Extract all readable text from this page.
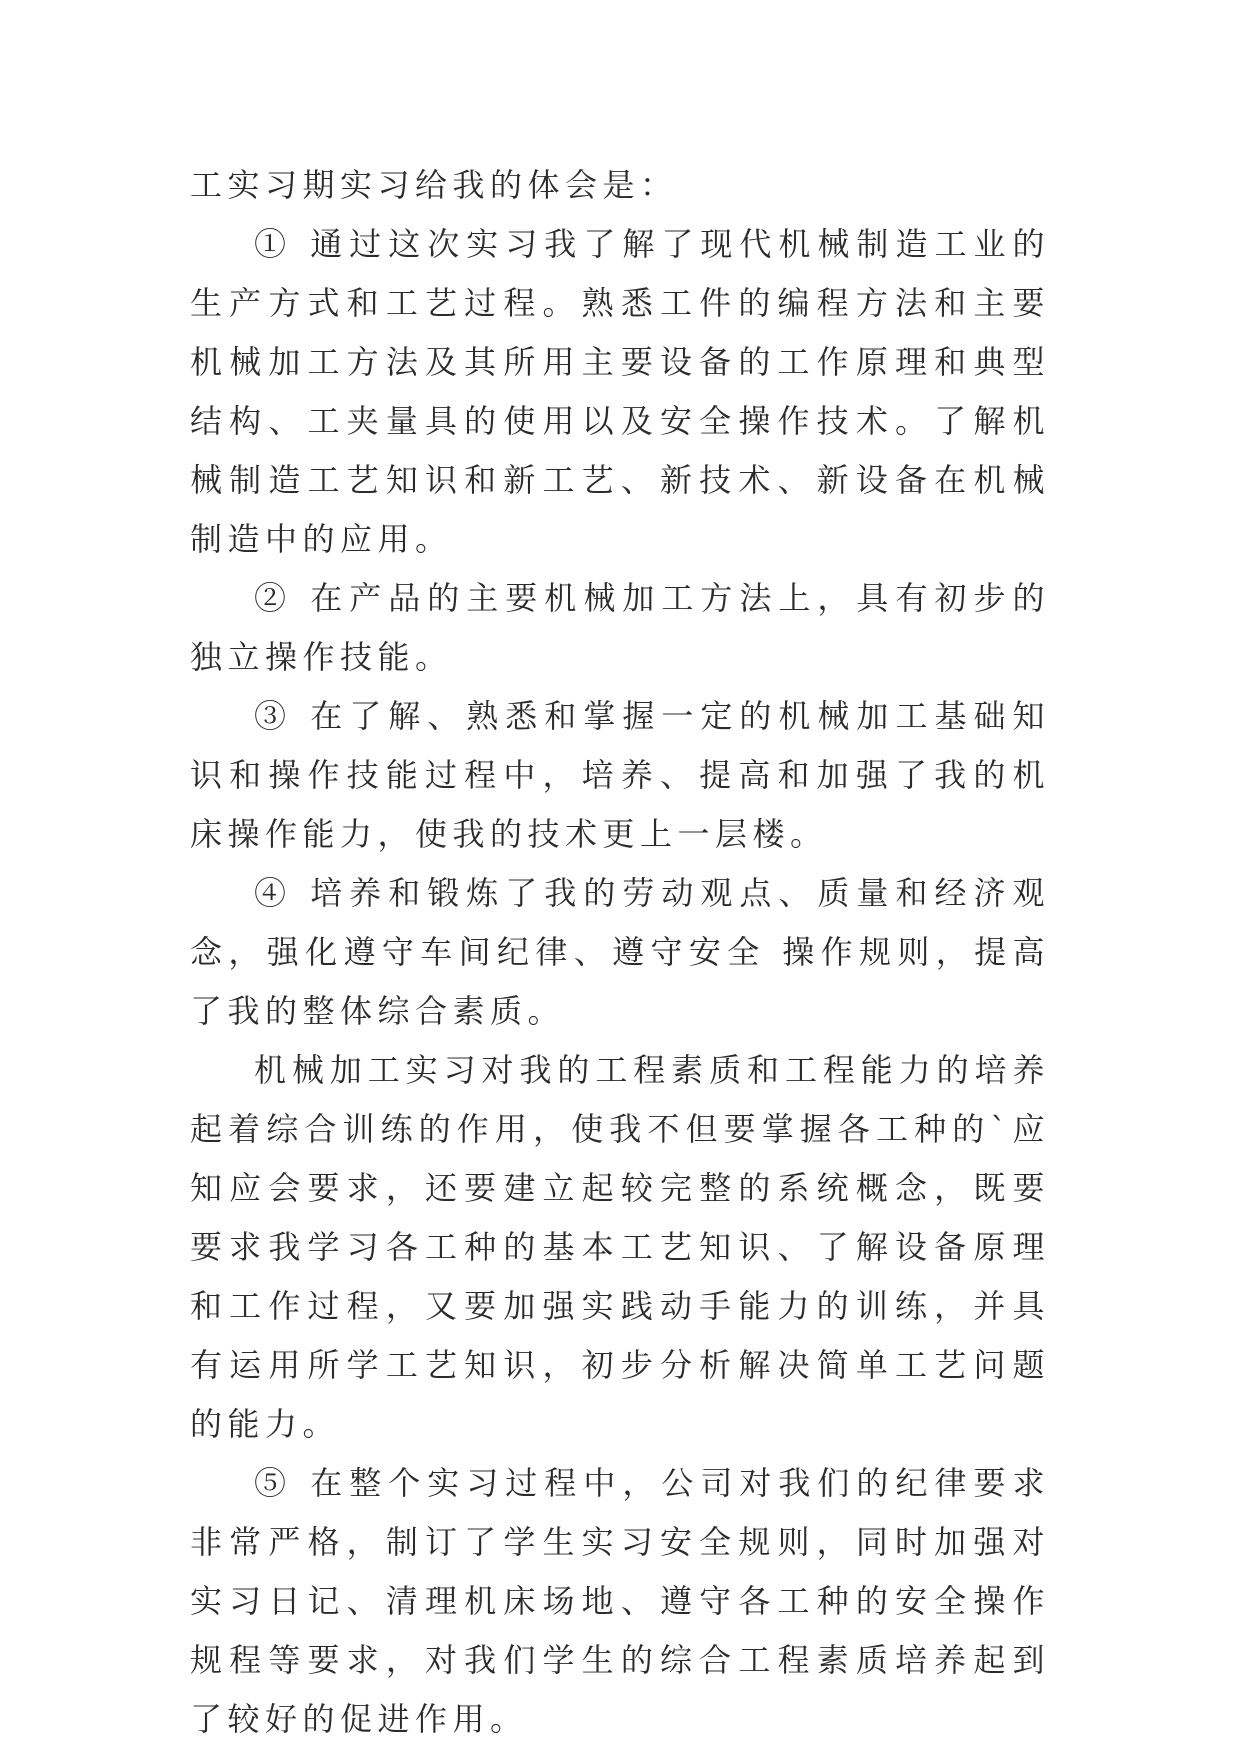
工实习期实习给我的体会是：

① 通过这次实习我了解了现代机械制造工业的生产方式和工艺过程。熟悉工件的编程方法和主要机械加工方法及其所用主要设备的工作原理和典型结构、工夹量具的使用以及安全操作技术。了解机械制造工艺知识和新工艺、新技术、新设备在机械制造中的应用。

② 在产品的主要机械加工方法上，具有初步的独立操作技能。

③ 在了解、熟悉和掌握一定的机械加工基础知识和操作技能过程中，培养、提高和加强了我的机床操作能力，使我的技术更上一层楼。

④ 培养和锻炼了我的劳动观点、质量和经济观念，强化遵守车间纪律、遵守安全 操作规则，提高了我的整体综合素质。

机械加工实习对我的工程素质和工程能力的培养起着综合训练的作用，使我不但要掌握各工种的`应知应会要求，还要建立起较完整的系统概念，既要要求我学习各工种的基本工艺知识、了解设备原理和工作过程，又要加强实践动手能力的训练，并具有运用所学工艺知识，初步分析解决简单工艺问题的能力。

⑤ 在整个实习过程中，公司对我们的纪律要求非常严格，制订了学生实习安全规则，同时加强对实习日记、清理机床场地、遵守各工种的安全操作规程等要求，对我们学生的综合工程素质培养起到了较好的促进作用。
